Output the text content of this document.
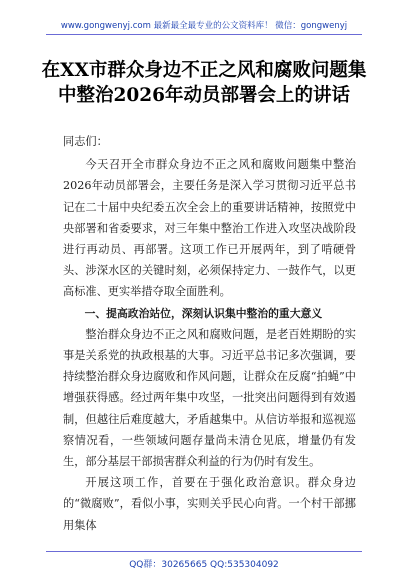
www.gongwenyj.com 最新最全最专业的公文资料库！ 微信：gongwenyj
在XX市群众身边不正之风和腐败问题集
中整治2026年动员部署会上的讲话

同志们：

今天召开全市群众身边不正之风和腐败问题集中整治2026年动员部署会，主要任务是深入学习贯彻习近平总书记在二十届中央纪委五次全会上的重要讲话精神，按照党中央部署和省委要求，对三年集中整治工作进入攻坚决战阶段进行再动员、再部署。这项工作已开展两年，到了啃硬骨头、涉深水区的关键时刻，必须保持定力、一鼓作气，以更高标准、更实举措夺取全面胜利。

一、提高政治站位，深刻认识集中整治的重大意义

整治群众身边不正之风和腐败问题，是老百姓期盼的实事是关系党的执政根基的大事。习近平总书记多次强调，要持续整治群众身边腐败和作风问题，让群众在反腐“拍蝇”中增强获得感。经过两年集中攻坚，一批突出问题得到有效遏制，但越往后难度越大，矛盾越集中。从信访举报和巡视巡察情况看，一些领域问题存量尚未清仓见底，增量仍有发生，部分基层干部损害群众利益的行为仍时有发生。

开展这项工作，首要在于强化政治意识。群众身边的“微腐败”，看似小事，实则关乎民心向背。一个村干部挪用集体

QQ群：30265665 QQ:535304092
